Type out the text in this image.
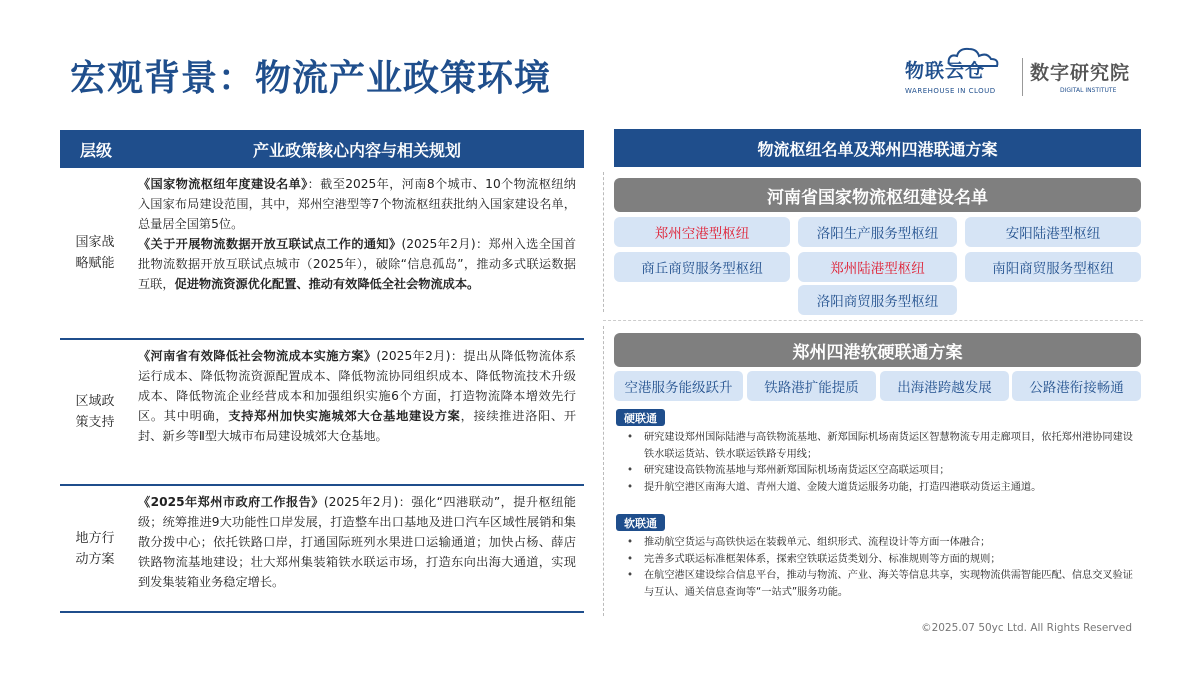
宏观背景：物流产业政策环境	物联云仓
WAREHOUSE IN CLOUD
数字研究院
DIGITAL INSTITUTE
层级	产业政策核心内容与相关规划
国家战略赋能
《国家物流枢纽年度建设名单》：截至2025年，河南8个城市、10个物流枢纽纳入国家布局建设范围，其中，郑州空港型等7个物流枢纽获批纳入国家建设名单，总量居全国第5位。
《关于开展物流数据开放互联试点工作的通知》(2025年2月)：郑州入选全国首批物流数据开放互联试点城市（2025年），破除“信息孤岛”，推动多式联运数据互联，促进物流资源优化配置、推动有效降低全社会物流成本。
区域政策支持
《河南省有效降低社会物流成本实施方案》(2025年2月)：提出从降低物流体系运行成本、降低物流资源配置成本、降低物流协同组织成本、降低物流技术升级成本、降低物流企业经营成本和加强组织实施6个方面，打造物流降本增效先行区。其中明确，支持郑州加快实施城郊大仓基地建设方案，接续推进洛阳、开封、新乡等Ⅱ型大城市布局建设城郊大仓基地。
地方行动方案
《2025年郑州市政府工作报告》(2025年2月)：强化“四港联动”，提升枢纽能级；统筹推进9大功能性口岸发展，打造整车出口基地及进口汽车区域性展销和集散分拨中心；依托铁路口岸，打通国际班列水果进口运输通道；加快占杨、薛店铁路物流基地建设；壮大郑州集装箱铁水联运市场，打造东向出海大通道，实现到发集装箱业务稳定增长。
物流枢纽名单及郑州四港联通方案
河南省国家物流枢纽建设名单
郑州空港型枢纽	洛阳生产服务型枢纽	安阳陆港型枢纽
商丘商贸服务型枢纽	郑州陆港型枢纽	南阳商贸服务型枢纽
洛阳商贸服务型枢纽
郑州四港软硬联通方案
空港服务能级跃升	铁路港扩能提质	出海港跨越发展	公路港衔接畅通
硬联通
• 研究建设郑州国际陆港与高铁物流基地、新郑国际机场南货运区智慧物流专用走廊项目，依托郑州港协同建设铁水联运货站、铁水联运铁路专用线；
• 研究建设高铁物流基地与郑州新郑国际机场南货运区空高联运项目；
• 提升航空港区南海大道、青州大道、金陵大道货运服务功能，打造四港联动货运主通道。
软联通
• 推动航空货运与高铁快运在装载单元、组织形式、流程设计等方面一体融合；
• 完善多式联运标准框架体系，探索空铁联运货类划分、标准规则等方面的规则；
• 在航空港区建设综合信息平台，推动与物流、产业、海关等信息共享，实现物流供需智能匹配、信息交叉验证与互认、通关信息查询等“一站式”服务功能。
©2025.07 50yc Ltd. All Rights Reserved
